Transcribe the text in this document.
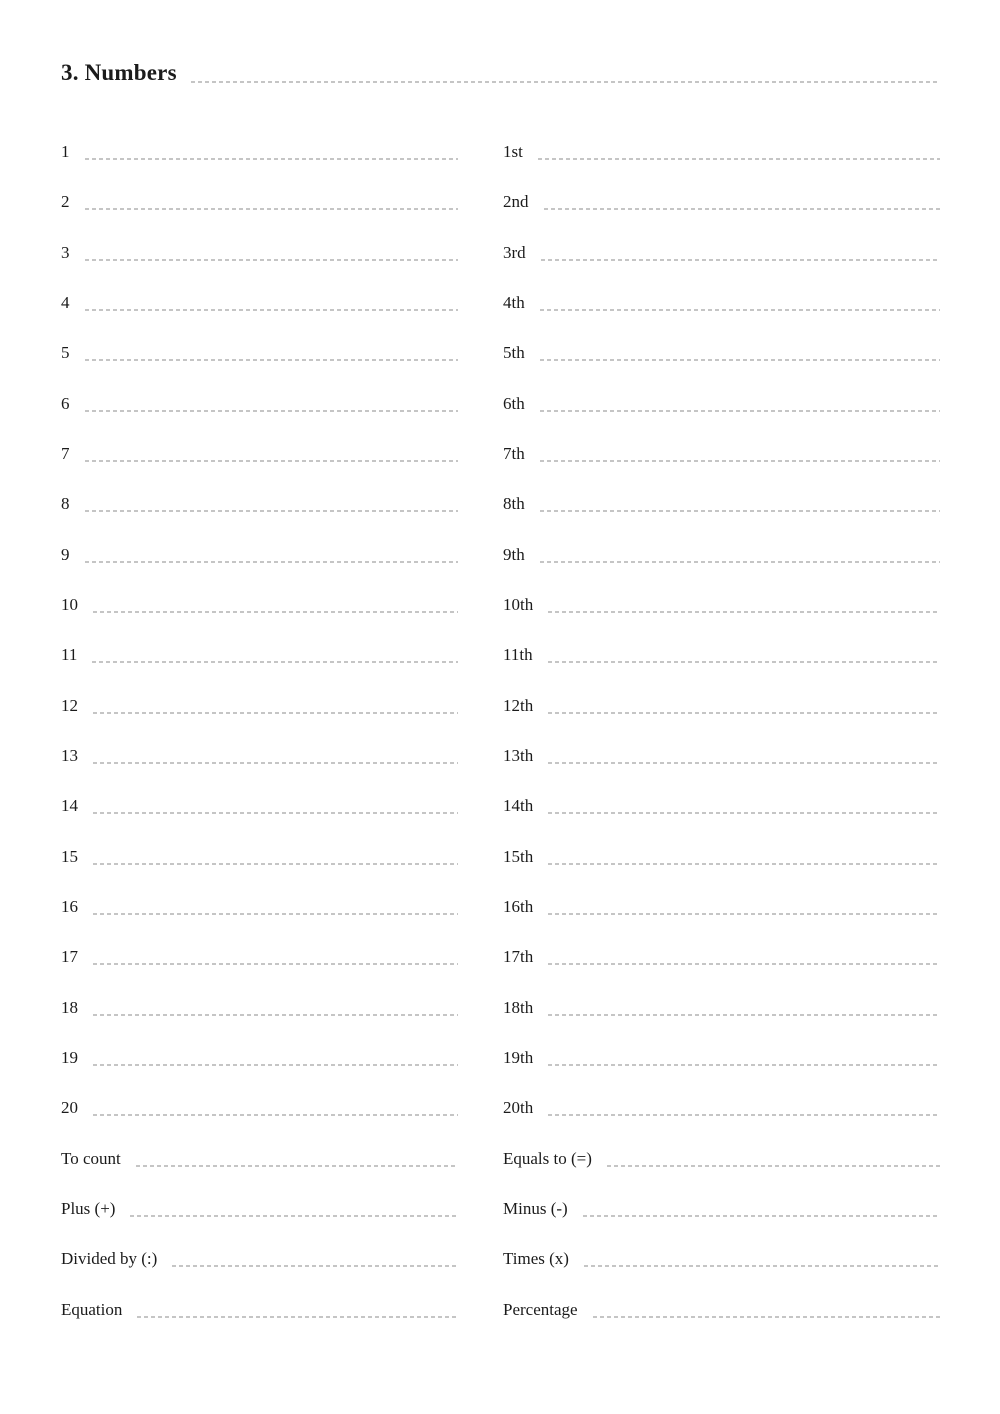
3. Numbers
1	1st
2	2nd
3	3rd
4	4th
5	5th
6	6th
7	7th
8	8th
9	9th
10	10th
11	11th
12	12th
13	13th
14	14th
15	15th
16	16th
17	17th
18	18th
19	19th
20	20th
To count	Equals to (=)
Plus (+)	Minus (-)
Divided by (:)	Times (x)
Equation	Percentage
